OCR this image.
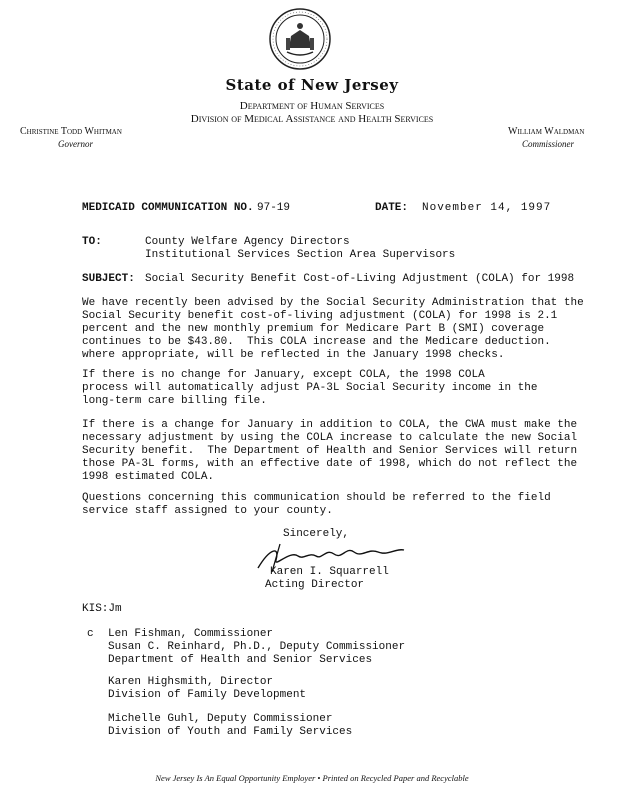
State of New Jersey
Department of Human Services
Division of Medical Assistance and Health Services
Christine Todd Whitman
Governor
William Waldman
Commissioner
MEDICAID COMMUNICATION NO. 97-19	DATE: November 14, 1997
TO:	County Welfare Agency Directors
Institutional Services Section Area Supervisors
SUBJECT: Social Security Benefit Cost-of-Living Adjustment (COLA) for 1998
We have recently been advised by the Social Security Administration that the
Social Security benefit cost-of-living adjustment (COLA) for 1998 is 2.1
percent and the new monthly premium for Medicare Part B (SMI) coverage
continues to be $43.80.  This COLA increase and the Medicare deduction.
where appropriate, will be reflected in the January 1998 checks.
If there is no change for January, except COLA, the 1998 COLA
process will automatically adjust PA-3L Social Security income in the
long-term care billing file.
If there is a change for January in addition to COLA, the CWA must make the
necessary adjustment by using the COLA increase to calculate the new Social
Security benefit.  The Department of Health and Senior Services will return
those PA-3L forms, with an effective date of 1998, which do not reflect the
1998 estimated COLA.
Questions concerning this communication should be referred to the field
service staff assigned to your county.
Sincerely,
Karen I. Squarrell
Acting Director
KIS:Jm
c Len Fishman, Commissioner
Susan C. Reinhard, Ph.D., Deputy Commissioner
Department of Health and Senior Services
Karen Highsmith, Director
Division of Family Development
Michelle Guhl, Deputy Commissioner
Division of Youth and Family Services
New Jersey Is An Equal Opportunity Employer • Printed on Recycled Paper and Recyclable
